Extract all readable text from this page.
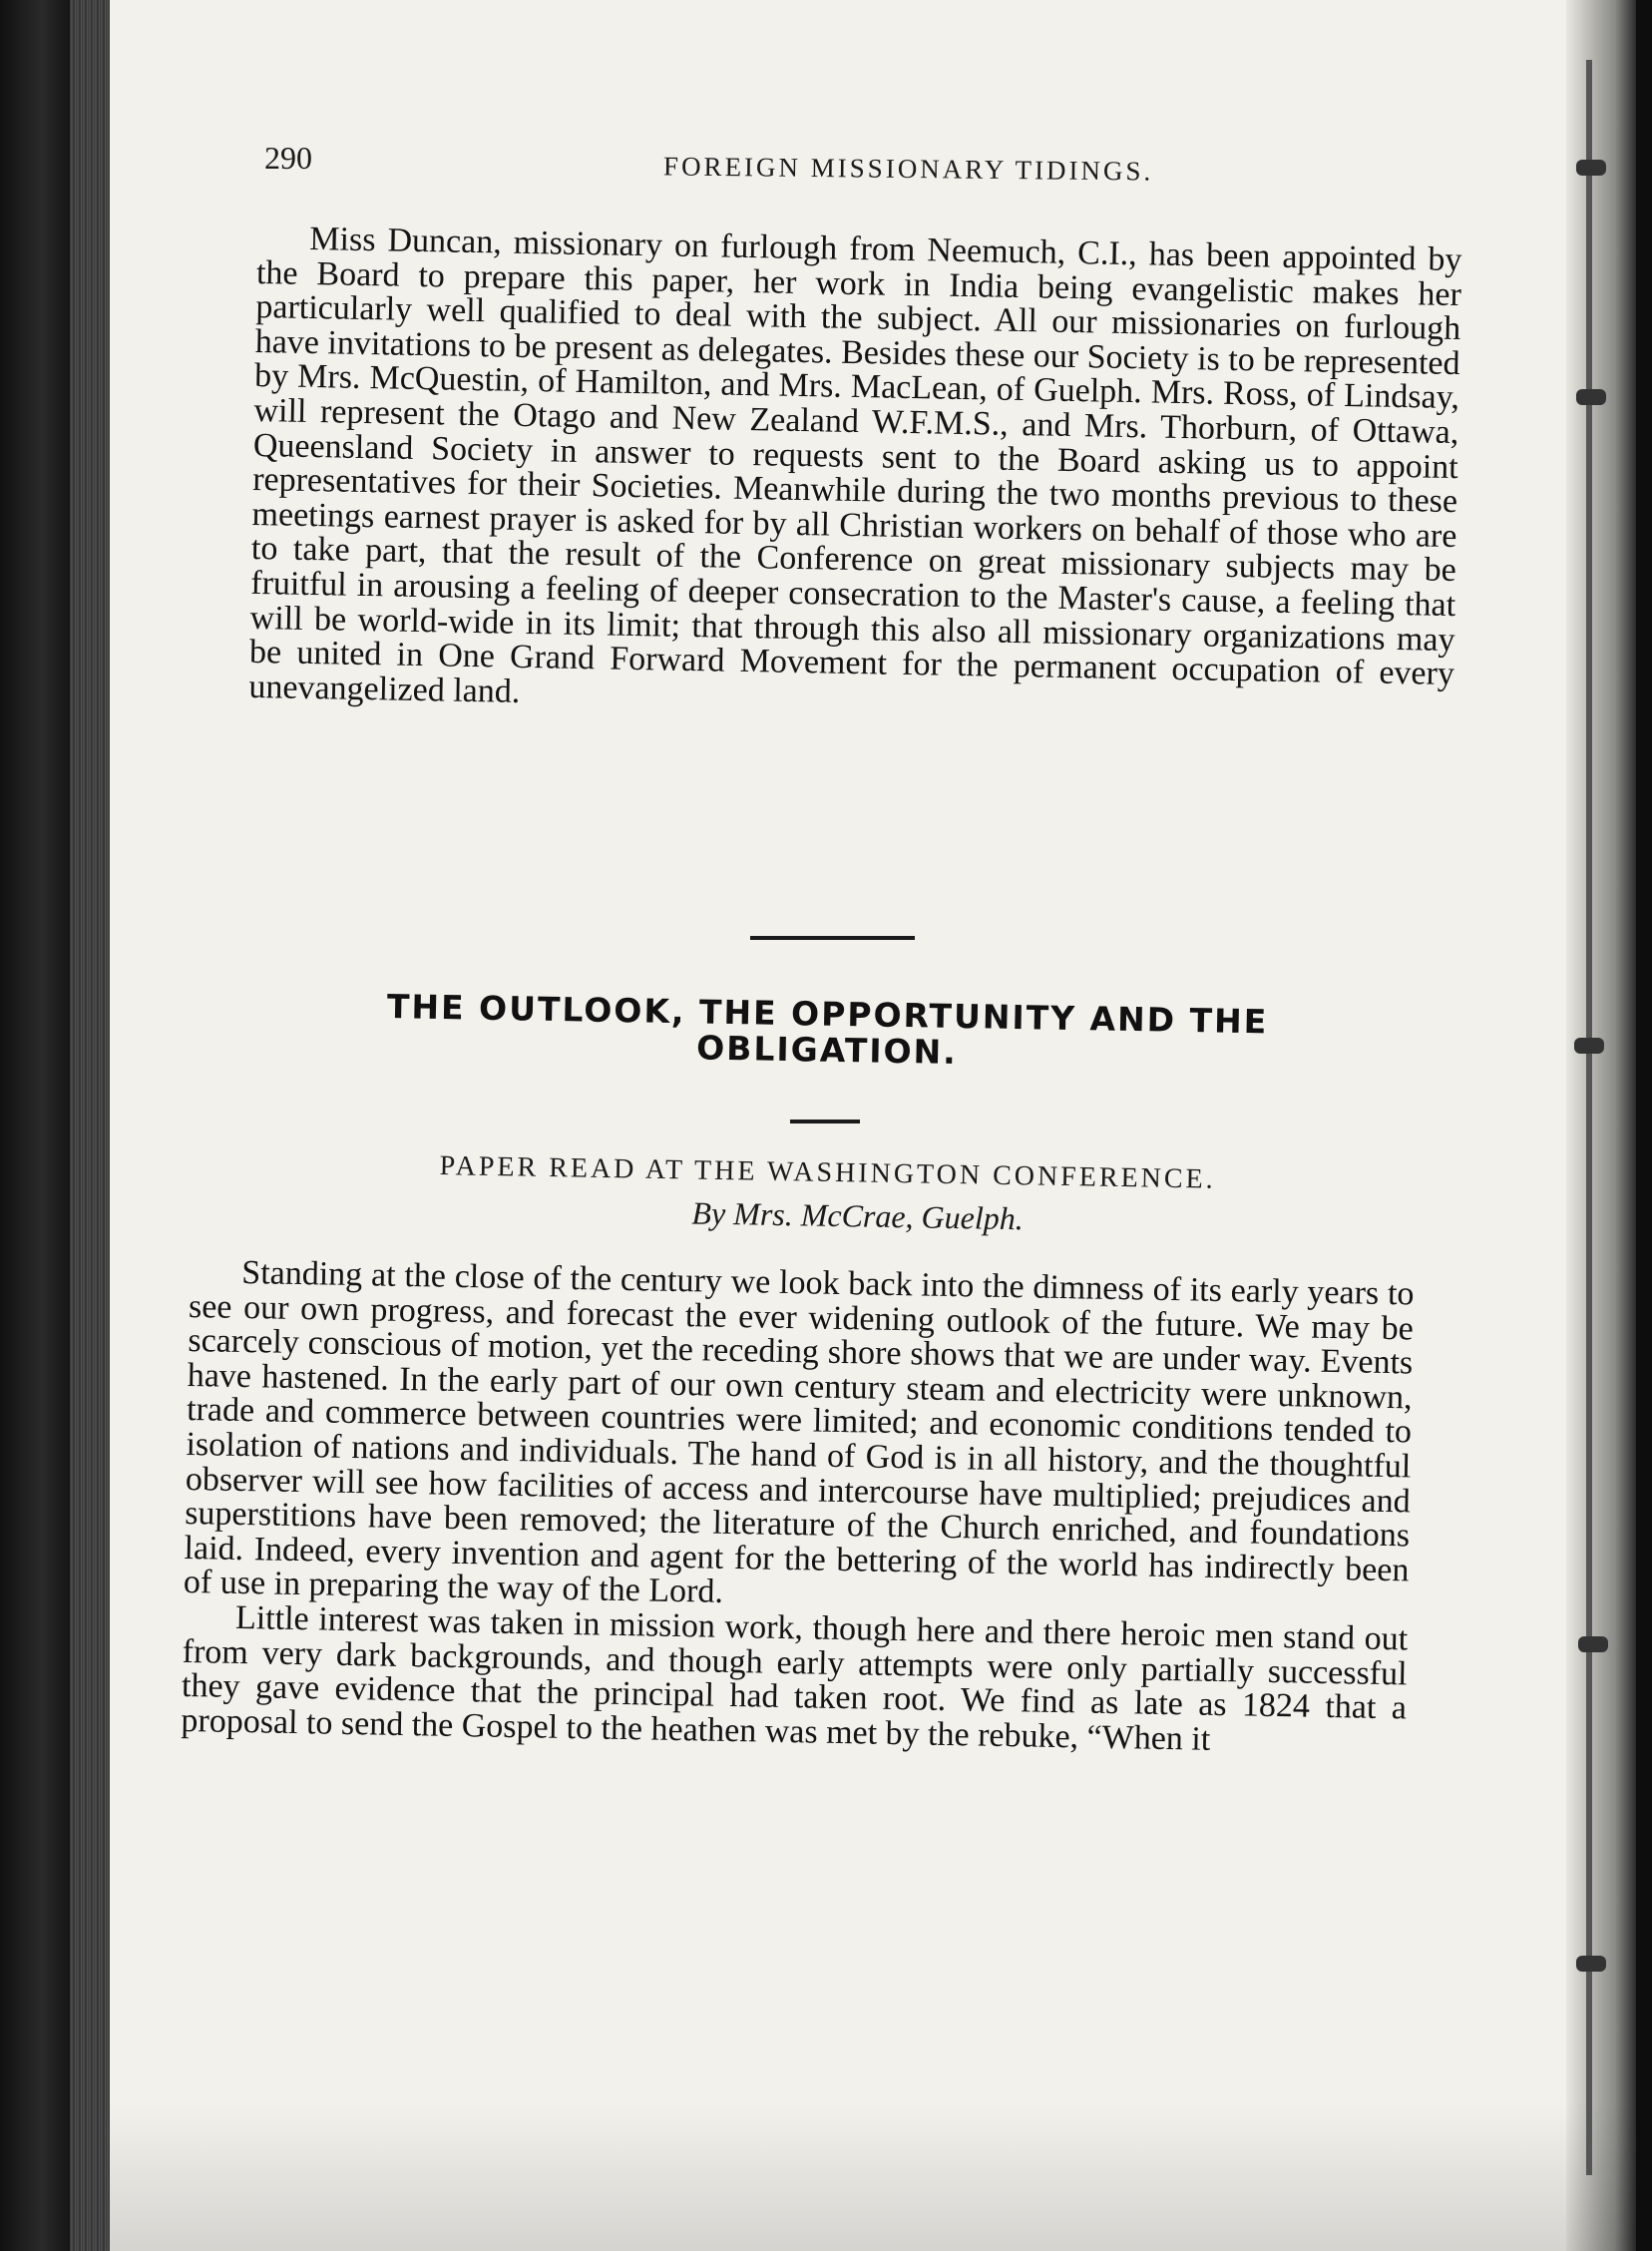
290	FOREIGN MISSIONARY TIDINGS.

Miss Duncan, missionary on furlough from Neemuch, C.I., has been appointed by the Board to prepare this paper, her work in India being evangelistic makes her particularly well qualified to deal with the subject. All our missionaries on furlough have invitations to be present as delegates. Besides these our Society is to be represented by Mrs. McQuestin, of Hamilton, and Mrs. MacLean, of Guelph. Mrs. Ross, of Lindsay, will represent the Otago and New Zealand W.F.M.S., and Mrs. Thorburn, of Ottawa, Queensland Society in answer to requests sent to the Board asking us to appoint representatives for their Societies. Meanwhile during the two months previous to these meetings earnest prayer is asked for by all Christian workers on behalf of those who are to take part, that the result of the Conference on great missionary subjects may be fruitful in arousing a feeling of deeper consecration to the Master's cause, a feeling that will be world-wide in its limit; that through this also all missionary organizations may be united in One Grand Forward Movement for the permanent occupation of every unevangelized land.

THE OUTLOOK, THE OPPORTUNITY AND THE OBLIGATION.
PAPER READ AT THE WASHINGTON CONFERENCE.
By Mrs. McCrae, Guelph.

Standing at the close of the century we look back into the dimness of its early years to see our own progress, and forecast the ever widening outlook of the future. We may be scarcely conscious of motion, yet the receding shore shows that we are under way. Events have hastened. In the early part of our own century steam and electricity were unknown, trade and commerce between countries were limited; and economic conditions tended to isolation of nations and individuals. The hand of God is in all history, and the thoughtful observer will see how facilities of access and intercourse have multiplied; prejudices and superstitions have been removed; the literature of the Church enriched, and foundations laid. Indeed, every invention and agent for the bettering of the world has indirectly been of use in preparing the way of the Lord.

Little interest was taken in mission work, though here and there heroic men stand out from very dark backgrounds, and though early attempts were only partially successful they gave evidence that the principal had taken root. We find as late as 1824 that a proposal to send the Gospel to the heathen was met by the rebuke, “When it
